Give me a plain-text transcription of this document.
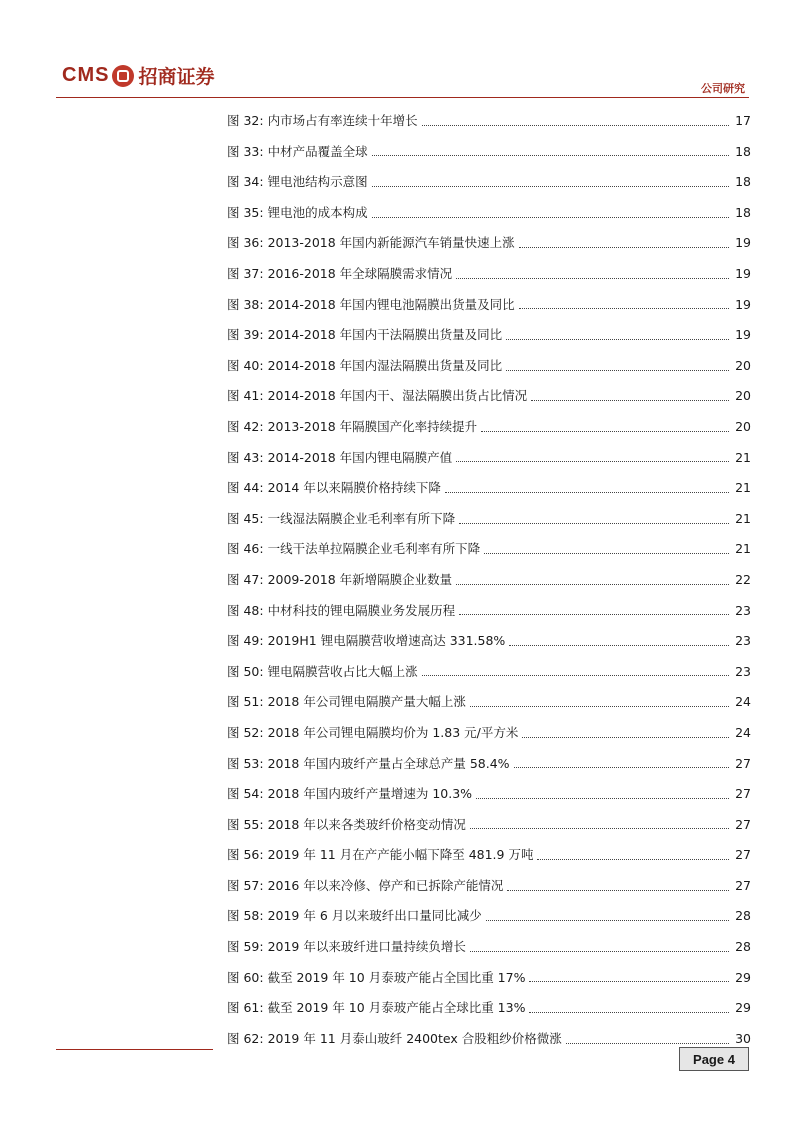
CMS 招商证券
公司研究
图 32: 内市场占有率连续十年增长	17
图 33: 中材产品覆盖全球	18
图 34: 锂电池结构示意图	18
图 35: 锂电池的成本构成	18
图 36: 2013-2018 年国内新能源汽车销量快速上涨	19
图 37: 2016-2018 年全球隔膜需求情况	19
图 38: 2014-2018 年国内锂电池隔膜出货量及同比	19
图 39: 2014-2018 年国内干法隔膜出货量及同比	19
图 40: 2014-2018 年国内湿法隔膜出货量及同比	20
图 41: 2014-2018 年国内干、湿法隔膜出货占比情况	20
图 42: 2013-2018 年隔膜国产化率持续提升	20
图 43: 2014-2018 年国内锂电隔膜产值	21
图 44: 2014 年以来隔膜价格持续下降	21
图 45: 一线湿法隔膜企业毛利率有所下降	21
图 46: 一线干法单拉隔膜企业毛利率有所下降	21
图 47: 2009-2018 年新增隔膜企业数量	22
图 48: 中材科技的锂电隔膜业务发展历程	23
图 49: 2019H1 锂电隔膜营收增速高达 331.58%	23
图 50: 锂电隔膜营收占比大幅上涨	23
图 51: 2018 年公司锂电隔膜产量大幅上涨	24
图 52: 2018 年公司锂电隔膜均价为 1.83 元/平方米	24
图 53: 2018 年国内玻纤产量占全球总产量 58.4%	27
图 54: 2018 年国内玻纤产量增速为 10.3%	27
图 55: 2018 年以来各类玻纤价格变动情况	27
图 56: 2019 年 11 月在产产能小幅下降至 481.9 万吨	27
图 57: 2016 年以来冷修、停产和已拆除产能情况	27
图 58: 2019 年 6 月以来玻纤出口量同比减少	28
图 59: 2019 年以来玻纤进口量持续负增长	28
图 60: 截至 2019 年 10 月泰玻产能占全国比重 17%	29
图 61: 截至 2019 年 10 月泰玻产能占全球比重 13%	29
图 62: 2019 年 11 月泰山玻纤 2400tex 合股粗纱价格微涨	30
Page 4
